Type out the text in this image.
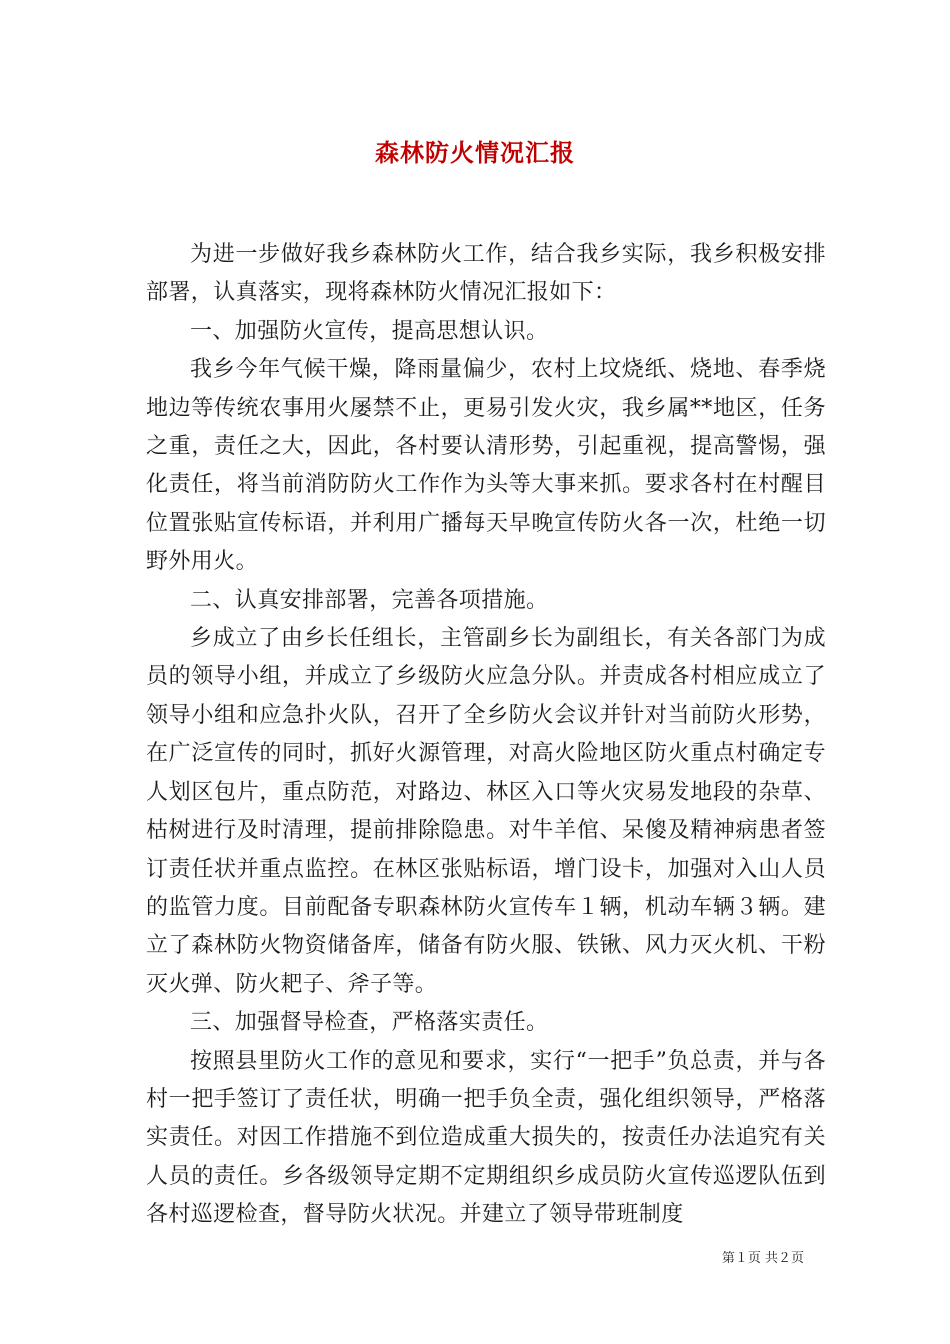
森林防火情况汇报

为进一步做好我乡森林防火工作，结合我乡实际，我乡积极安排部署，认真落实，现将森林防火情况汇报如下：

一、加强防火宣传，提高思想认识。

我乡今年气候干燥，降雨量偏少，农村上坟烧纸、烧地、春季烧地边等传统农事用火屡禁不止，更易引发火灾，我乡属**地区，任务之重，责任之大，因此，各村要认清形势，引起重视，提高警惕，强化责任，将当前消防防火工作作为头等大事来抓。要求各村在村醒目位置张贴宣传标语，并利用广播每天早晚宣传防火各一次，杜绝一切野外用火。

二、认真安排部署，完善各项措施。

乡成立了由乡长任组长，主管副乡长为副组长，有关各部门为成员的领导小组，并成立了乡级防火应急分队。并责成各村相应成立了领导小组和应急扑火队，召开了全乡防火会议并针对当前防火形势，在广泛宣传的同时，抓好火源管理，对高火险地区防火重点村确定专人划区包片，重点防范，对路边、林区入口等火灾易发地段的杂草、枯树进行及时清理，提前排除隐患。对牛羊倌、呆傻及精神病患者签订责任状并重点监控。在林区张贴标语，增门设卡，加强对入山人员的监管力度。目前配备专职森林防火宣传车１辆，机动车辆３辆。建立了森林防火物资储备库，储备有防火服、铁锹、风力灭火机、干粉灭火弹、防火耙子、斧子等。

三、加强督导检查，严格落实责任。

按照县里防火工作的意见和要求，实行“一把手”负总责，并与各村一把手签订了责任状，明确一把手负全责，强化组织领导，严格落实责任。对因工作措施不到位造成重大损失的，按责任办法追究有关人员的责任。乡各级领导定期不定期组织乡成员防火宣传巡逻队伍到各村巡逻检查，督导防火状况。并建立了领导带班制度

第１页 共２页
